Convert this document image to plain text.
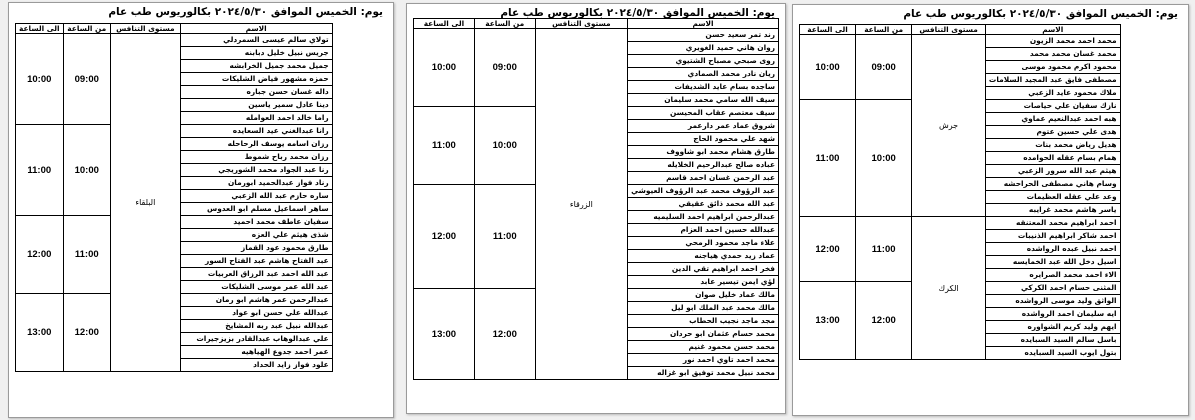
يوم: الخميس الموافق ٢٠٢٤/٥/٣٠ بكالوريوس طب عام
الاسم	مستوى التنافس	من الساعة	الى الساعة
تولاي سالم عيسى السمردلي	البلقاء	09:00	10:00
جريس نبيل خليل دبابنه			
جميل محمد جميل الخرابشه			
حمزه مشهور فياض الشليكات			
داله غسان حسن جباره			
دينا عادل سمير ياسين			
راما خالد احمد العوامله			
رانا عبدالغني عيد السعايده		10:00	11:00
رزان اسامه يوسف الرحاحله			
رزان محمد رباح شموط			
رنا عبد الجواد محمد الشوريجي			
رناد فواز عبدالحميد ابورمان			
ساره حازم عبد الله الزعبي			
ساهر اسماعيل مسلم ابو العدوس			
سفيان عاطف محمد احميد		11:00	12:00
شذى هيثم علي العزه			
طارق محمود عود القماز			
عبد الفتاح هاشم عبد الفتاح السور			
عبد الله احمد عبد الرزاق العربيات			
عبد الله عمر موسى الشليكات			
عبدالرحمن عمر هاشم ابو رمان		12:00	13:00
عبدالله علي حسن ابو عواد			
عبدالله نبيل عبد ربه المشايخ			
علي عبدالوهاب عبدالقادر بزيزجيرات			
عمر احمد جدوع الهياهيه			
علود فواز زايد الحداد			
يوم: الخميس الموافق ٢٠٢٤/٥/٣٠ بكالوريوس طب عام
الاسم	مستوى التنافس	من الساعة	الى الساعة
رند تمر سعيد حسن	الزرقاء	09:00	10:00
روان هاني حميد الغويري			
روى صبحي مصباح الشتيوي			
ريان نادر محمد الصمادي			
ساجده بسام عايد الشديفات			
سيف الله سامي محمد سليمان			
سيف معتصم عقاب المحيسن		10:00	11:00
شروق عماد عمر دارعمر			
شهد علي محمود الحاج			
طارق هشام محمد ابو شاووف			
عباده صالح عبدالرحيم الخلايله			
عبد الرحمن غسان احمد قاسم			
عبد الرؤوف محمد عبد الرؤوف العيوشي		11:00	12:00
عبد الله محمد ذائق عقيقي			
عبدالرحمن ابراهيم احمد السليميه			
عبدالله حسين احمد العزام			
علاء ماجد محمود الرمحي			
عماد زيد حمدي هياجنه			
فخر احمد ابراهيم تقي الدين			
لؤي ايمن تيسير عابد			
مالك عماد خليل صوان		12:00	13:00
مالك محمد عبد الملك ابو ليل			
مجد ماجد نجيب الحطاب			
محمد حسام عثمان ابو حردان			
محمد حسن محمود غنيم			
محمد احمد تاوي احمد نور			
محمد نبيل محمد توفيق ابو غزاله			
يوم: الخميس الموافق ٢٠٢٤/٥/٣٠ بكالوريوس طب عام
الاسم	مستوى التنافس	من الساعة	الى الساعة
محمد احمد محمد الزيون	جرش	09:00	10:00
محمد غسان محمد محمد			
محمود اكرم محمود موسى			
مصطفى فايق عبد المجيد السلامات			
ملاك محمود عايد الزعبي			
نازك سفيان علي حياصات		10:00	11:00
هبه احمد عبدالنعيم عماوي			
هدى علي حسين عتوم			
هديل رياض محمد بنات			
همام بسام عقله الحوامده			
هيثم عبد الله سرور الزعبي			
وسام هاني مصطفى الحراحشه			
وعد علي عقله العظيمات			
ياسر هاشم محمد غرايبه			
احمد ابراهيم محمد المعتنقه	الكرك	11:00	12:00
احمد شاكر ابراهيم الذنيبات			
احمد نبيل عبده الرواشده			
اسيل دخل الله عبد الخمايسه			
الاء احمد محمد الصرايره			
المثنى حسام احمد الكركي		12:00	13:00
الواثق وليد موسى الرواشده			
ايه سليمان احمد الرواشده			
ايهم وليد كريم الشواوره			
باسل سالم السيد السبايده			
بتول ايوب السيد السبايده			
